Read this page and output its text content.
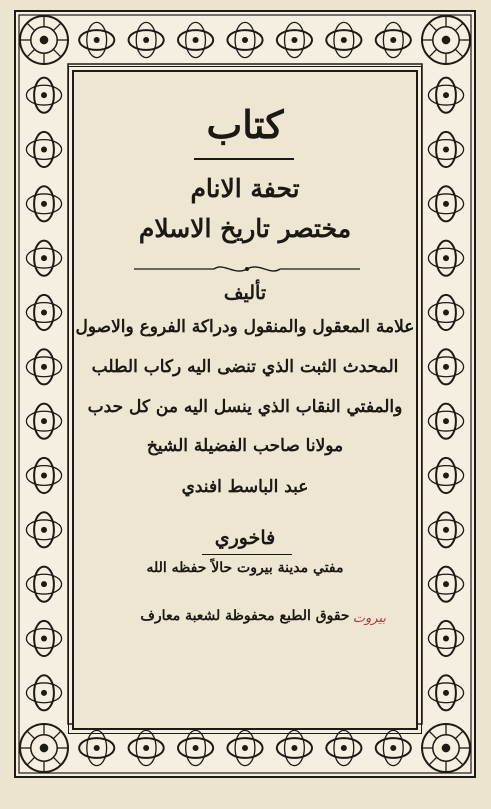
كتاب
تحفة الانام
مختصر تاريخ الاسلام
تأليف
علامة المعقول والمنقول ودراكة الفروع والاصول
المحدث الثبت الذي تنضى اليه ركاب الطلب
والمفتي النقاب الذي ينسل اليه من كل حدب
مولانا صاحب الفضيلة الشيخ
عبد الباسط افندي
فاخوري
مفتي مدينة بيروت حالاً حفظه الله
حقوق الطبع محفوظة لشعبة معارف بيروت
